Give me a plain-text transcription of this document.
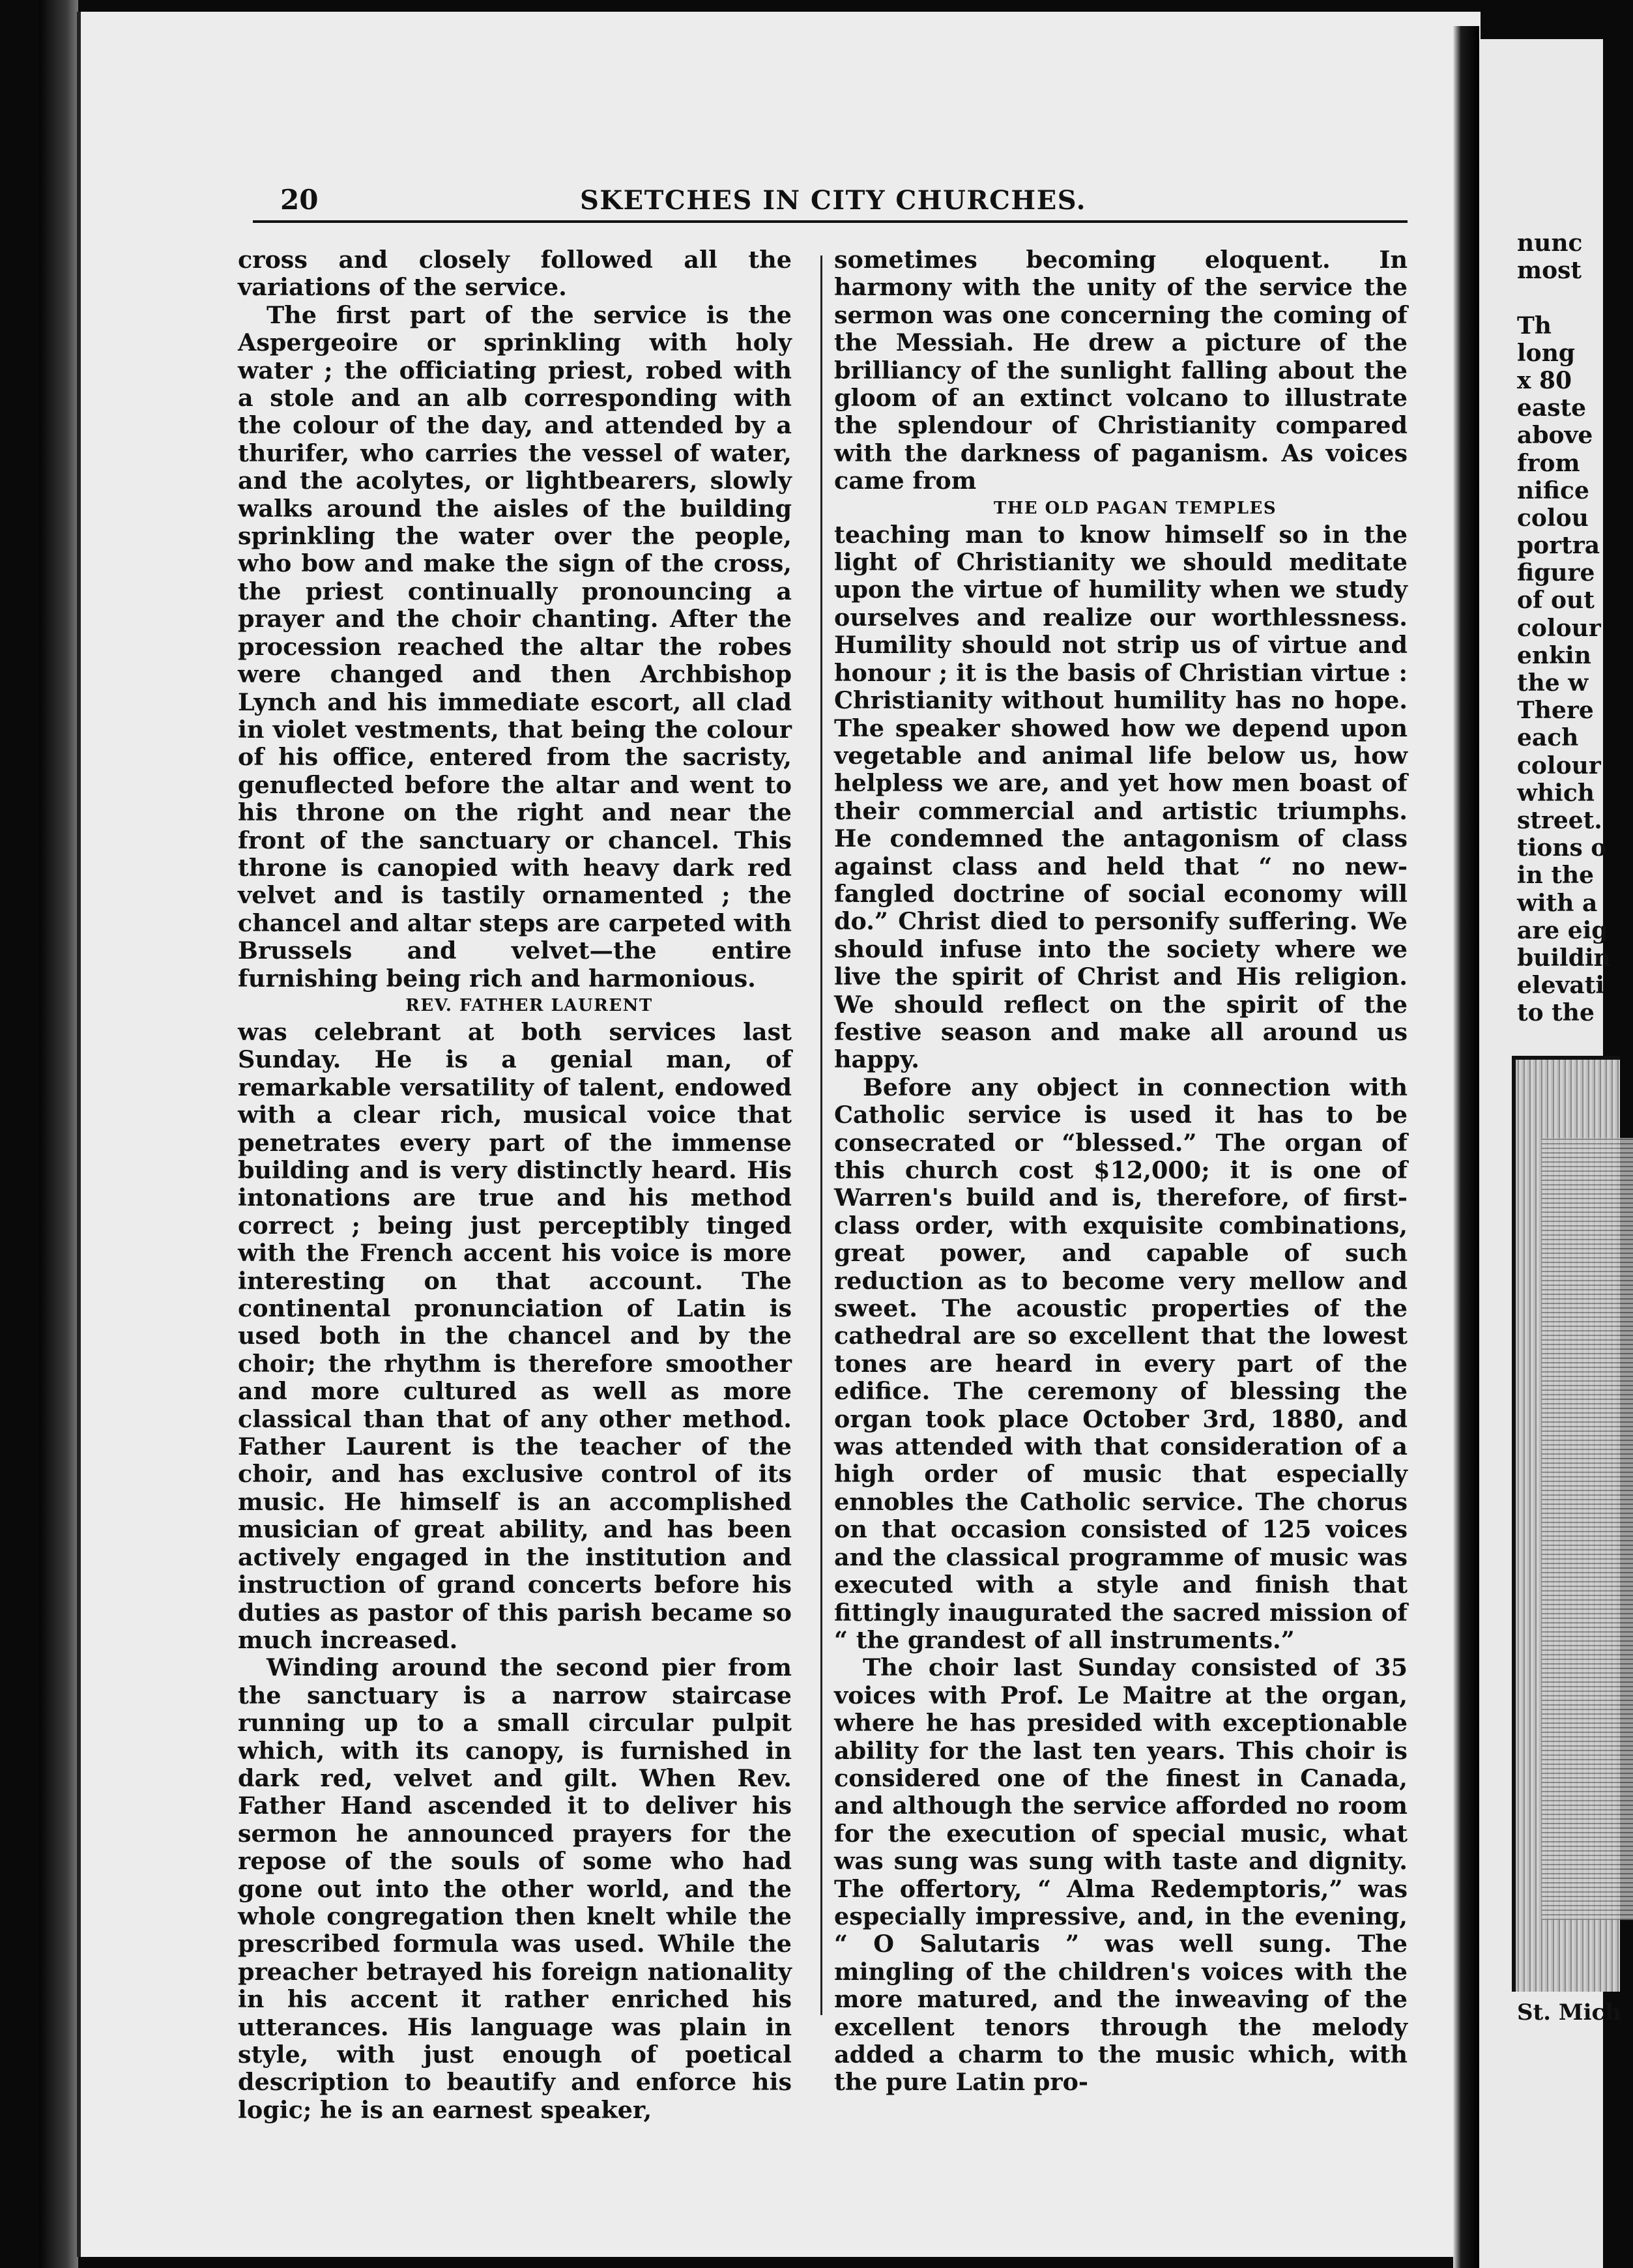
20	SKETCHES IN CITY CHURCHES.

cross and closely followed all the variations of the service.

The first part of the service is the Aspergeoire or sprinkling with holy water ; the officiating priest, robed with a stole and an alb corresponding with the colour of the day, and attended by a thurifer, who carries the vessel of water, and the acolytes, or lightbearers, slowly walks around the aisles of the building sprinkling the water over the people, who bow and make the sign of the cross, the priest continually pronouncing a prayer and the choir chanting. After the procession reached the altar the robes were changed and then Archbishop Lynch and his immediate escort, all clad in violet vestments, that being the colour of his office, entered from the sacristy, genuflected before the altar and went to his throne on the right and near the front of the sanctuary or chancel. This throne is canopied with heavy dark red velvet and is tastily ornamented ; the chancel and altar steps are carpeted with Brussels and velvet—the entire furnishing being rich and harmonious.

REV. FATHER LAURENT

was celebrant at both services last Sunday. He is a genial man, of remarkable versatility of talent, endowed with a clear rich, musical voice that penetrates every part of the immense building and is very distinctly heard. His intonations are true and his method correct ; being just perceptibly tinged with the French accent his voice is more interesting on that account. The continental pronunciation of Latin is used both in the chancel and by the choir; the rhythm is therefore smoother and more cultured as well as more classical than that of any other method. Father Laurent is the teacher of the choir, and has exclusive control of its music. He himself is an accomplished musician of great ability, and has been actively engaged in the institution and instruction of grand concerts before his duties as pastor of this parish became so much increased.

Winding around the second pier from the sanctuary is a narrow staircase running up to a small circular pulpit which, with its canopy, is furnished in dark red, velvet and gilt. When Rev. Father Hand ascended it to deliver his sermon he announced prayers for the repose of the souls of some who had gone out into the other world, and the whole congregation then knelt while the prescribed formula was used. While the preacher betrayed his foreign nationality in his accent it rather enriched his utterances. His language was plain in style, with just enough of poetical description to beautify and enforce his logic; he is an earnest speaker,

sometimes becoming eloquent. In harmony with the unity of the service the sermon was one concerning the coming of the Messiah. He drew a picture of the brilliancy of the sunlight falling about the gloom of an extinct volcano to illustrate the splendour of Christianity compared with the darkness of paganism. As voices came from

THE OLD PAGAN TEMPLES

teaching man to know himself so in the light of Christianity we should meditate upon the virtue of humility when we study ourselves and realize our worthlessness. Humility should not strip us of virtue and honour ; it is the basis of Christian virtue : Christianity without humility has no hope. The speaker showed how we depend upon vegetable and animal life below us, how helpless we are, and yet how men boast of their commercial and artistic triumphs. He condemned the antagonism of class against class and held that “ no new-fangled doctrine of social economy will do.” Christ died to personify suffering. We should infuse into the society where we live the spirit of Christ and His religion. We should reflect on the spirit of the festive season and make all around us happy.

Before any object in connection with Catholic service is used it has to be consecrated or “blessed.” The organ of this church cost $12,000; it is one of Warren's build and is, therefore, of first-class order, with exquisite combinations, great power, and capable of such reduction as to become very mellow and sweet. The acoustic properties of the cathedral are so excellent that the lowest tones are heard in every part of the edifice. The ceremony of blessing the organ took place October 3rd, 1880, and was attended with that consideration of a high order of music that especially ennobles the Catholic service. The chorus on that occasion consisted of 125 voices and the classical programme of music was executed with a style and finish that fittingly inaugurated the sacred mission of “ the grandest of all instruments.”

The choir last Sunday consisted of 35 voices with Prof. Le Maitre at the organ, where he has presided with exceptionable ability for the last ten years. This choir is considered one of the finest in Canada, and although the service afforded no room for the execution of special music, what was sung was sung with taste and dignity. The offertory, “ Alma Redemptoris,” was especially impressive, and, in the evening, “ O Salutaris ” was well sung. The mingling of the children's voices with the more matured, and the inweaving of the excellent tenors through the melody added a charm to the music which, with the pure Latin pro-

nunc
most
Th
long
x 80
easte
above
from
nifice
colou
portra
figure
of out
colour
enkin
the w
There
each
colour
which
street.
tions o
in the
with a
are eig
buildin
elevati
to the
St. Mich
